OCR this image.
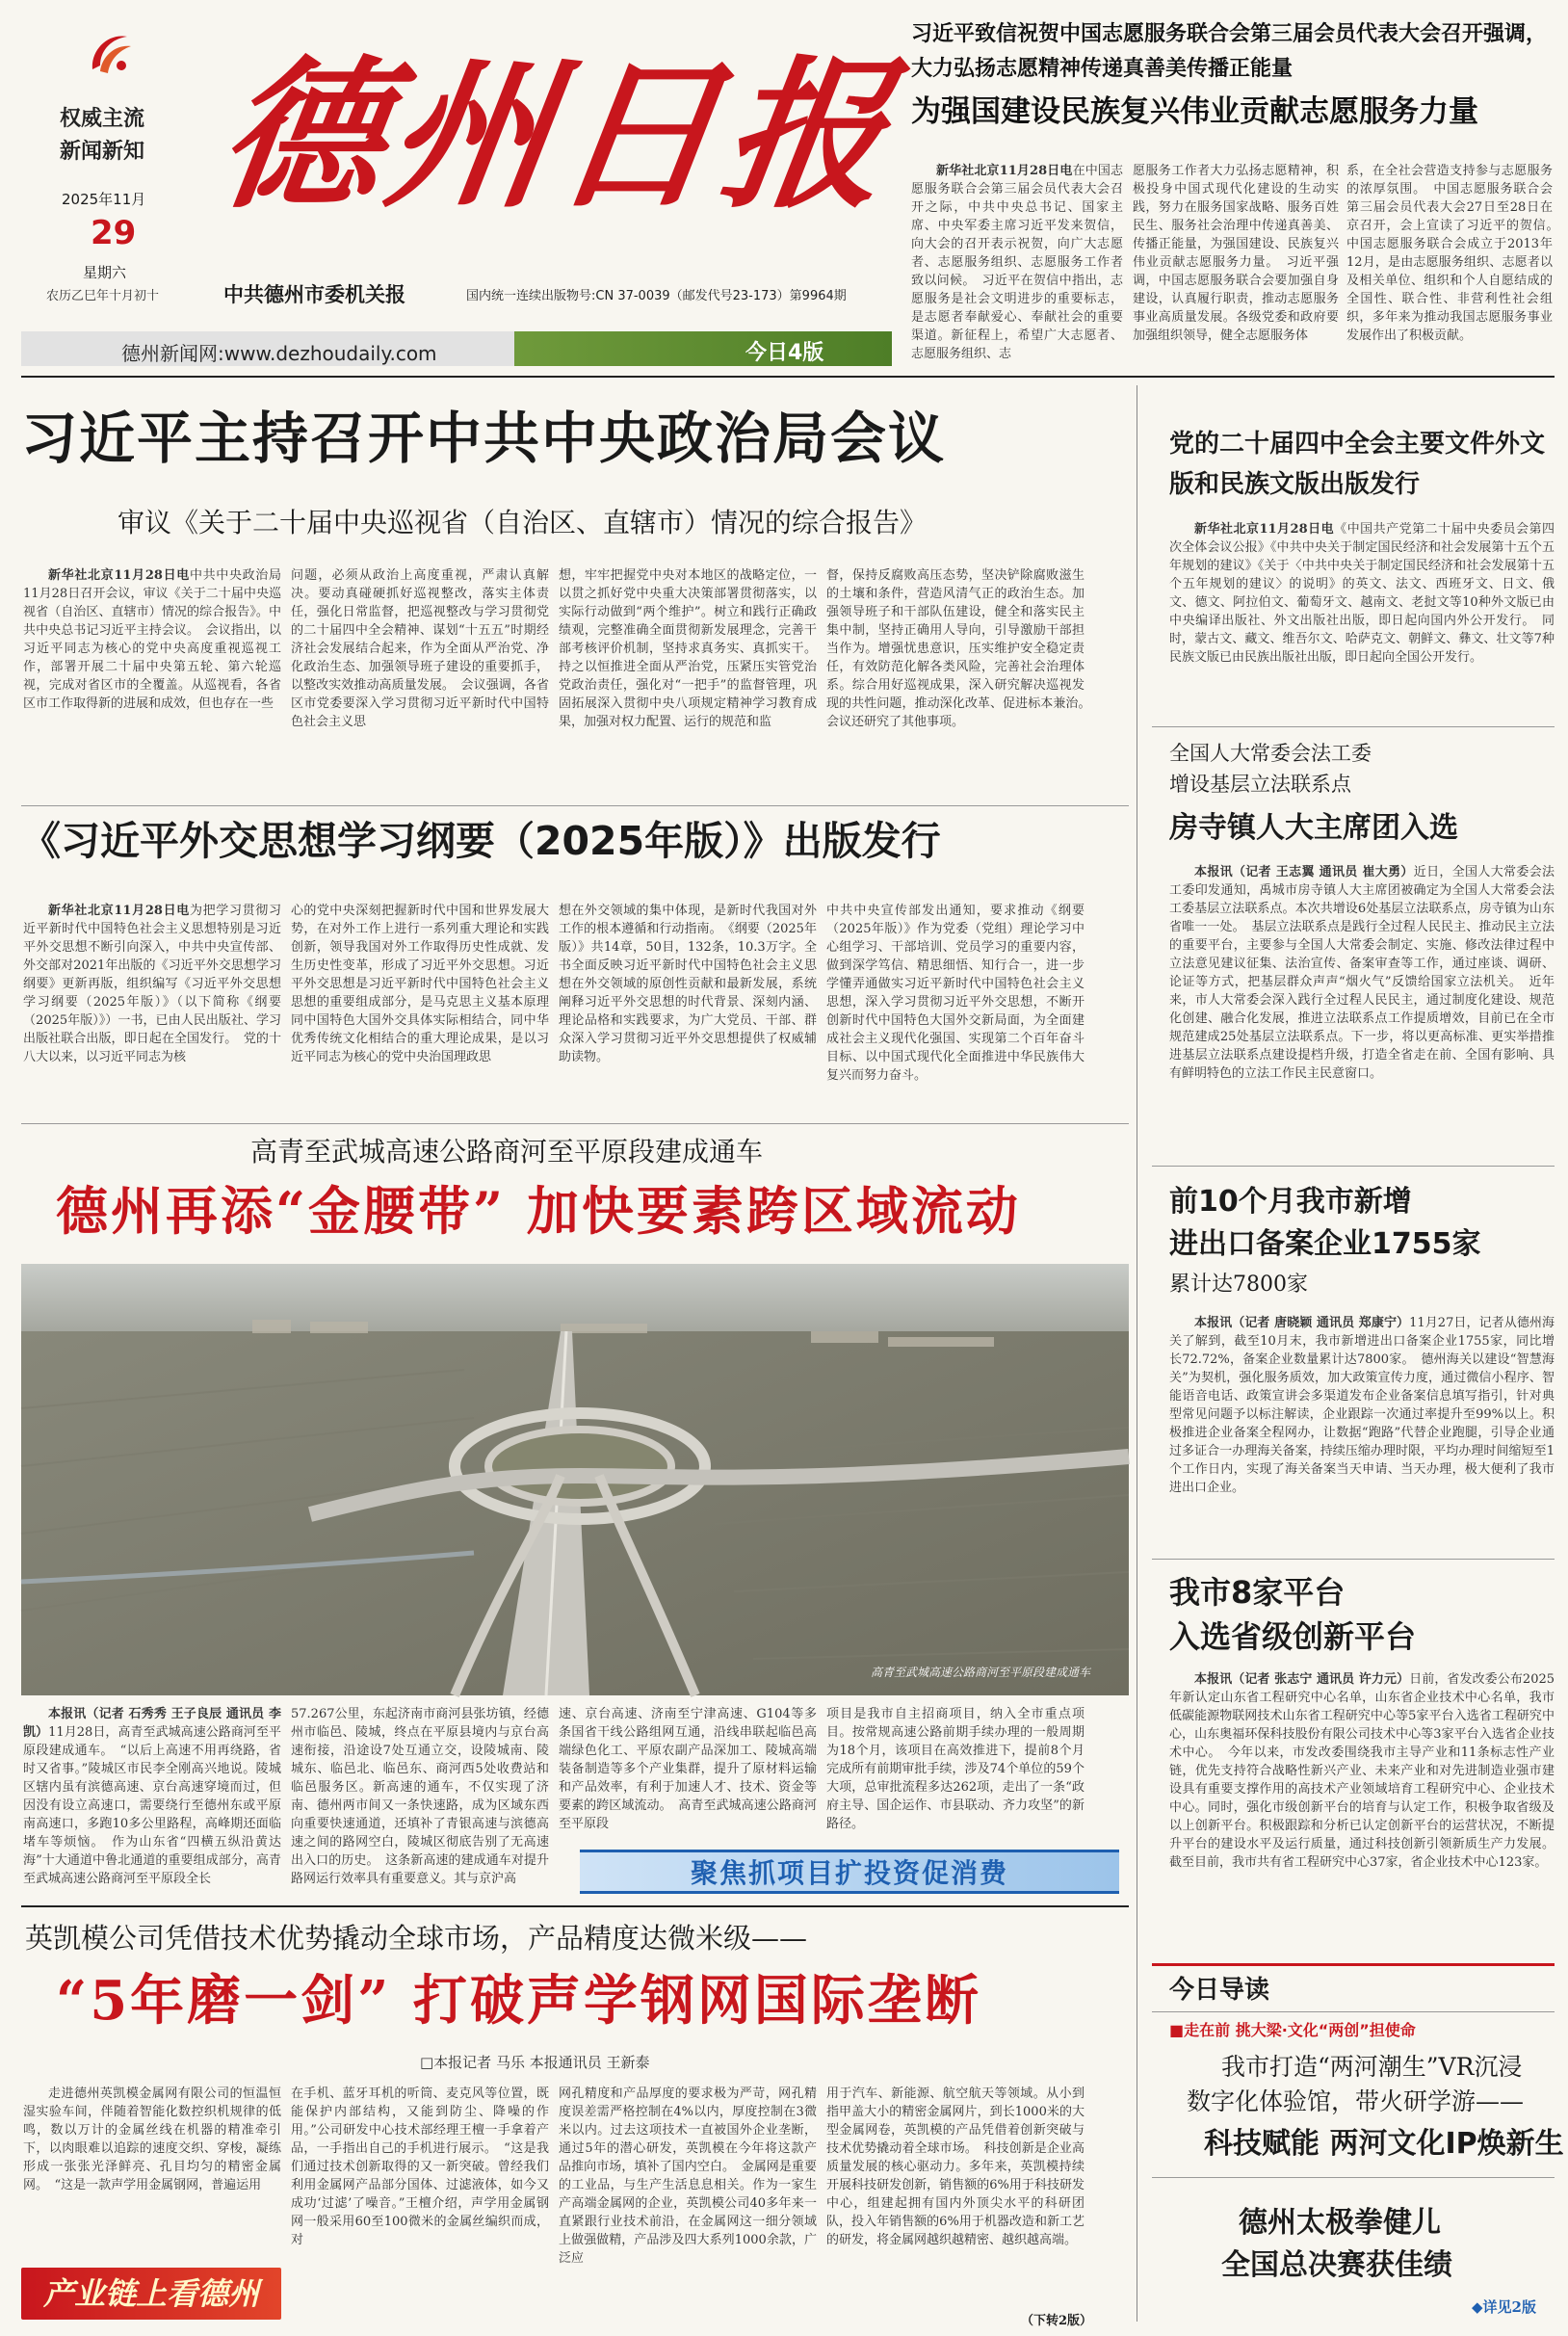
权威主流
新闻新知
2025年11月
29
星期六
农历乙巳年十月初十
德州日报
中共德州市委机关报	国内统一连续出版物号:CN 37-0039（邮发代号23-173）第9964期
德州新闻网:www.dezhoudaily.com	今日4版
习近平致信祝贺中国志愿服务联合会第三届会员代表大会召开强调，大力弘扬志愿精神传递真善美传播正能量
为强国建设民族复兴伟业贡献志愿服务力量

新华社北京11月28日电在中国志愿服务联合会第三届会员代表大会召开之际，中共中央总书记、国家主席、中央军委主席习近平发来贺信，向大会的召开表示祝贺，向广大志愿者、志愿服务组织、志愿服务工作者致以问候。　习近平在贺信中指出，志愿服务是社会文明进步的重要标志，是志愿者奉献爱心、奉献社会的重要渠道。新征程上，希望广大志愿者、志愿服务组织、志

愿服务工作者大力弘扬志愿精神，积极投身中国式现代化建设的生动实践，努力在服务国家战略、服务百姓民生、服务社会治理中传递真善美、传播正能量，为强国建设、民族复兴伟业贡献志愿服务力量。　习近平强调，中国志愿服务联合会要加强自身建设，认真履行职责，推动志愿服务事业高质量发展。各级党委和政府要加强组织领导，健全志愿服务体

系，在全社会营造支持参与志愿服务的浓厚氛围。　中国志愿服务联合会第三届会员代表大会27日至28日在京召开，会上宣读了习近平的贺信。　中国志愿服务联合会成立于2013年12月，是由志愿服务组织、志愿者以及相关单位、组织和个人自愿结成的全国性、联合性、非营利性社会组织，多年来为推动我国志愿服务事业发展作出了积极贡献。

习近平主持召开中共中央政治局会议
审议《关于二十届中央巡视省（自治区、直辖市）情况的综合报告》

新华社北京11月28日电中共中央政治局11月28日召开会议，审议《关于二十届中央巡视省（自治区、直辖市）情况的综合报告》。中共中央总书记习近平主持会议。　会议指出，以习近平同志为核心的党中央高度重视巡视工作，部署开展二十届中央第五轮、第六轮巡视，完成对省区市的全覆盖。从巡视看，各省区市工作取得新的进展和成效，但也存在一些

问题，必须从政治上高度重视，严肃认真解决。要动真碰硬抓好巡视整改，落实主体责任，强化日常监督，把巡视整改与学习贯彻党的二十届四中全会精神、谋划“十五五”时期经济社会发展结合起来，作为全面从严治党、净化政治生态、加强领导班子建设的重要抓手，以整改实效推动高质量发展。　会议强调，各省区市党委要深入学习贯彻习近平新时代中国特色社会主义思

想，牢牢把握党中央对本地区的战略定位，一以贯之抓好党中央重大决策部署贯彻落实，以实际行动做到“两个维护”。树立和践行正确政绩观，完整准确全面贯彻新发展理念，完善干部考核评价机制，坚持求真务实、真抓实干。持之以恒推进全面从严治党，压紧压实管党治党政治责任，强化对“一把手”的监督管理，巩固拓展深入贯彻中央八项规定精神学习教育成果，加强对权力配置、运行的规范和监

督，保持反腐败高压态势，坚决铲除腐败滋生的土壤和条件，营造风清气正的政治生态。加强领导班子和干部队伍建设，健全和落实民主集中制，坚持正确用人导向，引导激励干部担当作为。增强忧患意识，压实维护安全稳定责任，有效防范化解各类风险，完善社会治理体系。综合用好巡视成果，深入研究解决巡视发现的共性问题，推动深化改革、促进标本兼治。　会议还研究了其他事项。

《习近平外交思想学习纲要（2025年版）》出版发行

新华社北京11月28日电为把学习贯彻习近平新时代中国特色社会主义思想特别是习近平外交思想不断引向深入，中共中央宣传部、外交部对2021年出版的《习近平外交思想学习纲要》更新再版，组织编写《习近平外交思想学习纲要（2025年版）》（以下简称《纲要（2025年版）》）一书，已由人民出版社、学习出版社联合出版，即日起在全国发行。　党的十八大以来，以习近平同志为核

心的党中央深刻把握新时代中国和世界发展大势，在对外工作上进行一系列重大理论和实践创新，领导我国对外工作取得历史性成就、发生历史性变革，形成了习近平外交思想。习近平外交思想是习近平新时代中国特色社会主义思想的重要组成部分，是马克思主义基本原理同中国特色大国外交具体实际相结合，同中华优秀传统文化相结合的重大理论成果，是以习近平同志为核心的党中央治国理政思

想在外交领域的集中体现，是新时代我国对外工作的根本遵循和行动指南。　《纲要（2025年版）》共14章，50目，132条，10.3万字。全书全面反映习近平新时代中国特色社会主义思想在外交领域的原创性贡献和最新发展，系统阐释习近平外交思想的时代背景、深刻内涵、理论品格和实践要求，为广大党员、干部、群众深入学习贯彻习近平外交思想提供了权威辅助读物。

中共中央宣传部发出通知，要求推动《纲要（2025年版）》作为党委（党组）理论学习中心组学习、干部培训、党员学习的重要内容，做到深学笃信、精思细悟、知行合一，进一步学懂弄通做实习近平新时代中国特色社会主义思想，深入学习贯彻习近平外交思想，不断开创新时代中国特色大国外交新局面，为全面建成社会主义现代化强国、实现第二个百年奋斗目标、以中国式现代化全面推进中华民族伟大复兴而努力奋斗。

高青至武城高速公路商河至平原段建成通车
德州再添“金腰带” 加快要素跨区域流动
高青至武城高速公路商河至平原段建成通车

本报讯（记者 石秀秀 王子良辰 通讯员 李凯）11月28日，高青至武城高速公路商河至平原段建成通车。　“以后上高速不用再绕路，省时又省事。”陵城区市民李全刚高兴地说。陵城区辖内虽有滨德高速、京台高速穿境而过，但因没有设立高速口，需要绕行至德州东或平原南高速口，多跑10多公里路程，高峰期还面临堵车等烦恼。　作为山东省“四横五纵沿黄达海”十大通道中鲁北通道的重要组成部分，高青至武城高速公路商河至平原段全长

57.267公里，东起济南市商河县张坊镇，经德州市临邑、陵城，终点在平原县境内与京台高速衔接，沿途设7处互通立交，设陵城南、陵城东、临邑北、临邑东、商河西5处收费站和临邑服务区。新高速的通车，不仅实现了济南、德州两市间又一条快速路，成为区域东西向重要快速通道，还填补了青银高速与滨德高速之间的路网空白，陵城区彻底告别了无高速出入口的历史。　这条新高速的建成通车对提升路网运行效率具有重要意义。其与京沪高

速、京台高速、济南至宁津高速、G104等多条国省干线公路组网互通，沿线串联起临邑高端绿色化工、平原农副产品深加工、陵城高端装备制造等多个产业集群，提升了原材料运输和产品效率，有利于加速人才、技术、资金等要素的跨区域流动。　高青至武城高速公路商河至平原段

项目是我市自主招商项目，纳入全市重点项目。按常规高速公路前期手续办理的一般周期为18个月，该项目在高效推进下，提前8个月完成所有前期审批手续，涉及74个单位的59个大项，总审批流程多达262项，走出了一条“政府主导、国企运作、市县联动、齐力攻坚”的新路径。

聚焦抓项目扩投资促消费
英凯模公司凭借技术优势撬动全球市场，产品精度达微米级——
“5年磨一剑” 打破声学钢网国际垄断
□本报记者 马乐 本报通讯员 王新泰

走进德州英凯模金属网有限公司的恒温恒湿实验车间，伴随着智能化数控织机规律的低鸣，数以万计的金属丝线在机器的精准牵引下，以肉眼难以追踪的速度交织、穿梭，凝练形成一张张光泽鲜亮、孔目均匀的精密金属网。　“这是一款声学用金属钢网，普遍运用

在手机、蓝牙耳机的听筒、麦克风等位置，既能保护内部结构，又能到防尘、降噪的作用。”公司研发中心技术部经理王檀一手拿着产品，一手指出自己的手机进行展示。　“这是我们通过技术创新取得的又一新突破。曾经我们利用金属网产品部分国体、过滤液体，如今又成功‘过滤’了噪音。”王檀介绍，声学用金属钢网一般采用60至100微米的金属丝编织而成，对

网孔精度和产品厚度的要求极为严苛，网孔精度误差需严格控制在4%以内，厚度控制在3微米以内。过去这项技术一直被国外企业垄断，通过5年的潜心研发，英凯模在今年将这款产品推向市场，填补了国内空白。　金属网是重要的工业品，与生产生活息息相关。作为一家生产高端金属网的企业，英凯模公司40多年来一直紧跟行业技术前沿，在金属网这一细分领域上做强做精，产品涉及四大系列1000余款，广泛应

用于汽车、新能源、航空航天等领域。从小到指甲盖大小的精密金属网片，到长1000米的大型金属网卷，英凯模的产品凭借着创新突破与技术优势撬动着全球市场。　科技创新是企业高质量发展的核心驱动力。多年来，英凯模持续开展科技研发创新，销售额的6%用于科技研发中心，组建起拥有国内外顶尖水平的科研团队，投入年销售额的6%用于机器改造和新工艺的研发，将金属网越织越精密、越织越高端。

（下转2版）
产业链上看德州
党的二十届四中全会主要文件外文版和民族文版出版发行

新华社北京11月28日电《中国共产党第二十届中央委员会第四次全体会议公报》《中共中央关于制定国民经济和社会发展第十五个五年规划的建议》《关于〈中共中央关于制定国民经济和社会发展第十五个五年规划的建议〉的说明》的英文、法文、西班牙文、日文、俄文、德文、阿拉伯文、葡萄牙文、越南文、老挝文等10种外文版已由中央编译出版社、外文出版社出版，即日起向国内外公开发行。　同时，蒙古文、藏文、维吾尔文、哈萨克文、朝鲜文、彝文、壮文等7种民族文版已由民族出版社出版，即日起向全国公开发行。

全国人大常委会法工委
增设基层立法联系点
房寺镇人大主席团入选

本报讯（记者 王志翼 通讯员 崔大勇）近日，全国人大常委会法工委印发通知，禹城市房寺镇人大主席团被确定为全国人大常委会法工委基层立法联系点。本次共增设6处基层立法联系点，房寺镇为山东省唯一一处。　基层立法联系点是践行全过程人民民主、推动民主立法的重要平台，主要参与全国人大常委会制定、实施、修改法律过程中立法意见建议征集、法治宣传、备案审查等工作，通过座谈、调研、论证等方式，把基层群众声声“烟火气”反馈给国家立法机关。　近年来，市人大常委会深入践行全过程人民民主，通过制度化建设、规范化创建、融合化发展，推进立法联系点工作提质增效，目前已在全市规范建成25处基层立法联系点。下一步，将以更高标准、更实举措推进基层立法联系点建设提档升级，打造全省走在前、全国有影响、具有鲜明特色的立法工作民主民意窗口。

前10个月我市新增
进出口备案企业1755家
累计达7800家

本报讯（记者 唐晓颖 通讯员 郑康宁）11月27日，记者从德州海关了解到，截至10月末，我市新增进出口备案企业1755家，同比增长72.72%，备案企业数量累计达7800家。　德州海关以建设“智慧海关”为契机，强化服务质效，加大政策宣传力度，通过微信小程序、智能语音电话、政策宣讲会多渠道发布企业备案信息填写指引，针对典型常见问题予以标注解读，企业跟踪一次通过率提升至99%以上。积极推进企业备案全程网办，让数据“跑路”代替企业跑腿，引导企业通过多证合一办理海关备案，持续压缩办理时限，平均办理时间缩短至1个工作日内，实现了海关备案当天申请、当天办理，极大便利了我市进出口企业。

我市8家平台
入选省级创新平台

本报讯（记者 张志宁 通讯员 许力元）日前，省发改委公布2025年新认定山东省工程研究中心名单，山东省企业技术中心名单，我市低碳能源物联网技术山东省工程研究中心等5家平台入选省工程研究中心，山东奥福环保科技股份有限公司技术中心等3家平台入选省企业技术中心。　今年以来，市发改委围绕我市主导产业和11条标志性产业链，优先支持符合战略性新兴产业、未来产业和对先进制造业强市建设具有重要支撑作用的高技术产业领域培育工程研究中心、企业技术中心。同时，强化市级创新平台的培育与认定工作，积极争取省级及以上创新平台。积极跟踪和分析已认定创新平台的运营状况，不断提升平台的建设水平及运行质量，通过科技创新引领新质生产力发展。截至目前，我市共有省工程研究中心37家，省企业技术中心123家。

今日导读
■走在前 挑大梁·文化“两创”担使命
我市打造“两河潮生”VR沉浸
数字化体验馆，带火研学游——
科技赋能 两河文化IP焕新生
德州太极拳健儿
全国总决赛获佳绩
◆详见2版
